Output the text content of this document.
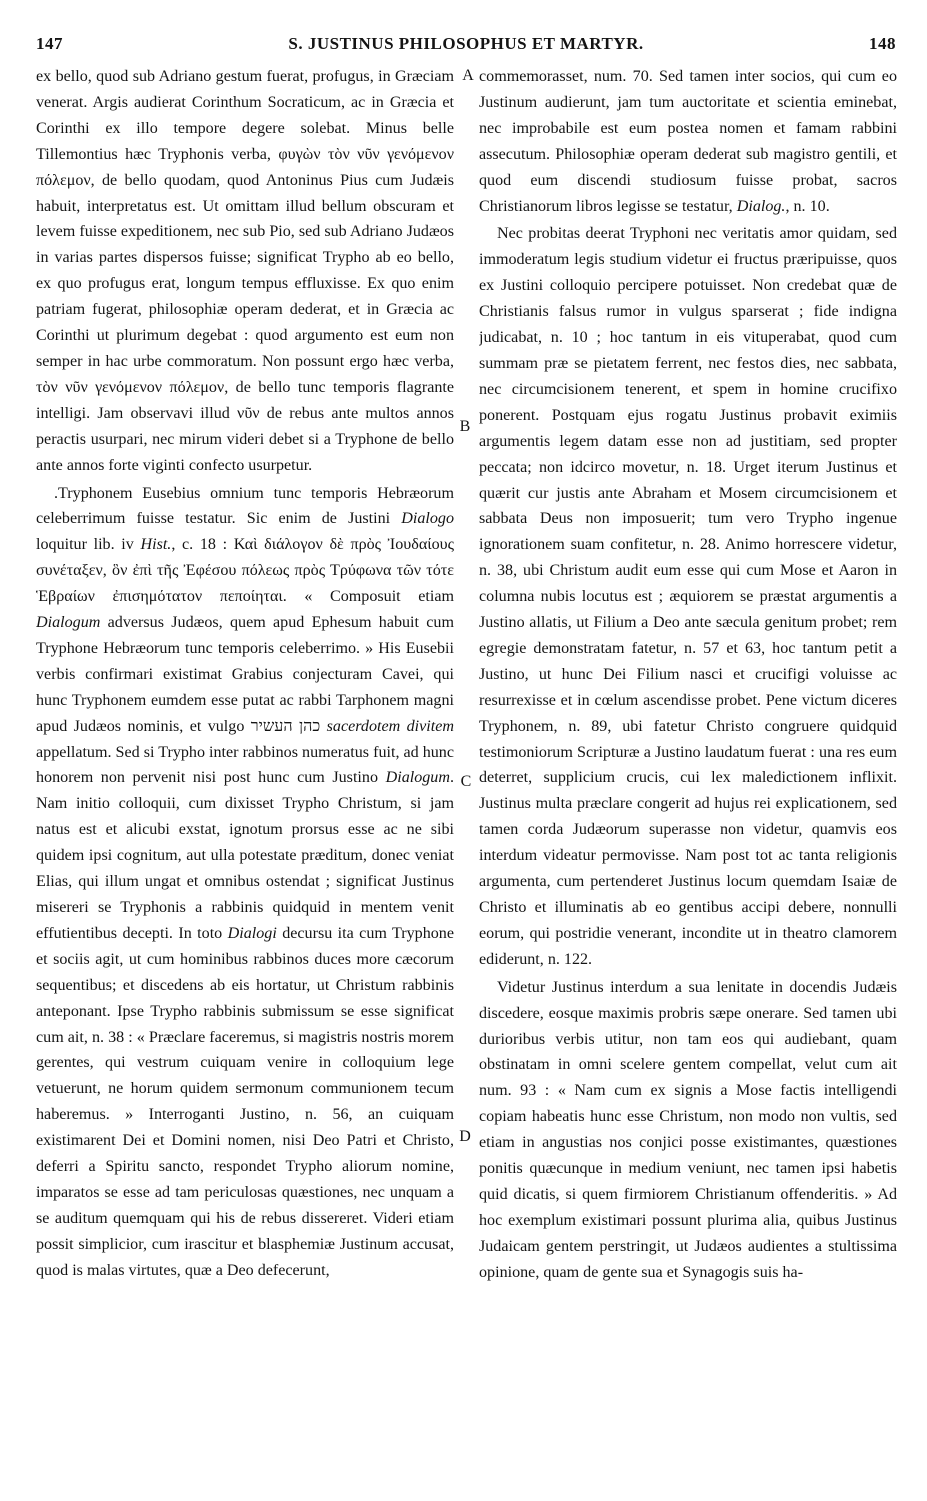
147	S. JUSTINUS PHILOSOPHUS ET MARTYR.	148
A
B
C
D

ex bello, quod sub Adriano gestum fuerat, profugus, in Græciam venerat. Argis audierat Corinthum Socraticum, ac in Græcia et Corinthi ex illo tempore degere solebat. Minus belle Tillemontius hæc Tryphonis verba, φυγὼν τὸν νῦν γενόμενον πόλεμον, de bello quodam, quod Antoninus Pius cum Judæis habuit, interpretatus est. Ut omittam illud bellum obscuram et levem fuisse expeditionem, nec sub Pio, sed sub Adriano Judæos in varias partes dispersos fuisse; significat Trypho ab eo bello, ex quo profugus erat, longum tempus effluxisse. Ex quo enim patriam fugerat, philosophiæ operam dederat, et in Græcia ac Corinthi ut plurimum degebat : quod argumento est eum non semper in hac urbe commoratum. Non possunt ergo hæc verba, τὸν νῦν γενόμενον πόλεμον, de bello tunc temporis flagrante intelligi. Jam observavi illud νῦν de rebus ante multos annos peractis usurpari, nec mirum videri debet si a Tryphone de bello ante annos forte viginti confecto usurpetur.

.Tryphonem Eusebius omnium tunc temporis Hebræorum celeberrimum fuisse testatur. Sic enim de Justini Dialogo loquitur lib. iv Hist., c. 18 : Καὶ διάλογον δὲ πρὸς Ἰουδαίους συνέταξεν, ὃν ἐπὶ τῆς Ἐφέσου πόλεως πρὸς Τρύφωνα τῶν τότε Ἑβραίων ἐπισημότατον πεποίηται. « Composuit etiam Dialogum adversus Judæos, quem apud Ephesum habuit cum Tryphone Hebræorum tunc temporis celeberrimo. » His Eusebii verbis confirmari existimat Grabius conjecturam Cavei, qui hunc Tryphonem eumdem esse putat ac rabbi Tarphonem magni apud Judæos nominis, et vulgo כהן העשיר sacerdotem divitem appellatum. Sed si Trypho inter rabbinos numeratus fuit, ad hunc honorem non pervenit nisi post hunc cum Justino Dialogum. Nam initio colloquii, cum dixisset Trypho Christum, si jam natus est et alicubi exstat, ignotum prorsus esse ac ne sibi quidem ipsi cognitum, aut ulla potestate præditum, donec veniat Elias, qui illum ungat et omnibus ostendat ; significat Justinus misereri se Tryphonis a rabbinis quidquid in mentem venit effutientibus decepti. In toto Dialogi decursu ita cum Tryphone et sociis agit, ut cum hominibus rabbinos duces more cæcorum sequentibus; et discedens ab eis hortatur, ut Christum rabbinis anteponant. Ipse Trypho rabbinis submissum se esse significat cum ait, n. 38 : « Præclare faceremus, si magistris nostris morem gerentes, qui vestrum cuiquam venire in colloquium lege vetuerunt, ne horum quidem sermonum communionem tecum haberemus. » Interroganti Justino, n. 56, an cuiquam existimarent Dei et Domini nomen, nisi Deo Patri et Christo, deferri a Spiritu sancto, respondet Trypho aliorum nomine, imparatos se esse ad tam periculosas quæstiones, nec unquam a se auditum quemquam qui his de rebus dissereret. Videri etiam possit simplicior, cum irascitur et blasphemiæ Justinum accusat, quod is malas virtutes, quæ a Deo defecerunt,

commemorasset, num. 70. Sed tamen inter socios, qui cum eo Justinum audierunt, jam tum auctoritate et scientia eminebat, nec improbabile est eum postea nomen et famam rabbini assecutum. Philosophiæ operam dederat sub magistro gentili, et quod eum discendi studiosum fuisse probat, sacros Christianorum libros legisse se testatur, Dialog., n. 10.

Nec probitas deerat Tryphoni nec veritatis amor quidam, sed immoderatum legis studium videtur ei fructus præripuisse, quos ex Justini colloquio percipere potuisset. Non credebat quæ de Christianis falsus rumor in vulgus sparserat ; fide indigna judicabat, n. 10 ; hoc tantum in eis vituperabat, quod cum summam præ se pietatem ferrent, nec festos dies, nec sabbata, nec circumcisionem tenerent, et spem in homine crucifixo ponerent. Postquam ejus rogatu Justinus probavit eximiis argumentis legem datam esse non ad justitiam, sed propter peccata; non idcirco movetur, n. 18. Urget iterum Justinus et quærit cur justis ante Abraham et Mosem circumcisionem et sabbata Deus non imposuerit; tum vero Trypho ingenue ignorationem suam confitetur, n. 28. Animo horrescere videtur, n. 38, ubi Christum audit eum esse qui cum Mose et Aaron in columna nubis locutus est ; æquiorem se præstat argumentis a Justino allatis, ut Filium a Deo ante sæcula genitum probet; rem egregie demonstratam fatetur, n. 57 et 63, hoc tantum petit a Justino, ut hunc Dei Filium nasci et crucifigi voluisse ac resurrexisse et in cœlum ascendisse probet. Pene victum diceres Tryphonem, n. 89, ubi fatetur Christo congruere quidquid testimoniorum Scripturæ a Justino laudatum fuerat : una res eum deterret, supplicium crucis, cui lex maledictionem inflixit. Justinus multa præclare congerit ad hujus rei explicationem, sed tamen corda Judæorum superasse non videtur, quamvis eos interdum videatur permovisse. Nam post tot ac tanta religionis argumenta, cum pertenderet Justinus locum quemdam Isaiæ de Christo et illuminatis ab eo gentibus accipi debere, nonnulli eorum, qui postridie venerant, incondite ut in theatro clamorem ediderunt, n. 122.

Videtur Justinus interdum a sua lenitate in docendis Judæis discedere, eosque maximis probris sæpe onerare. Sed tamen ubi durioribus verbis utitur, non tam eos qui audiebant, quam obstinatam in omni scelere gentem compellat, velut cum ait num. 93 : « Nam cum ex signis a Mose factis intelligendi copiam habeatis hunc esse Christum, non modo non vultis, sed etiam in angustias nos conjici posse existimantes, quæstiones ponitis quæcunque in medium veniunt, nec tamen ipsi habetis quid dicatis, si quem firmiorem Christianum offenderitis. » Ad hoc exemplum existimari possunt plurima alia, quibus Justinus Judaicam gentem perstringit, ut Judæos audientes a stultissima opinione, quam de gente sua et Synagogis suis ha-
